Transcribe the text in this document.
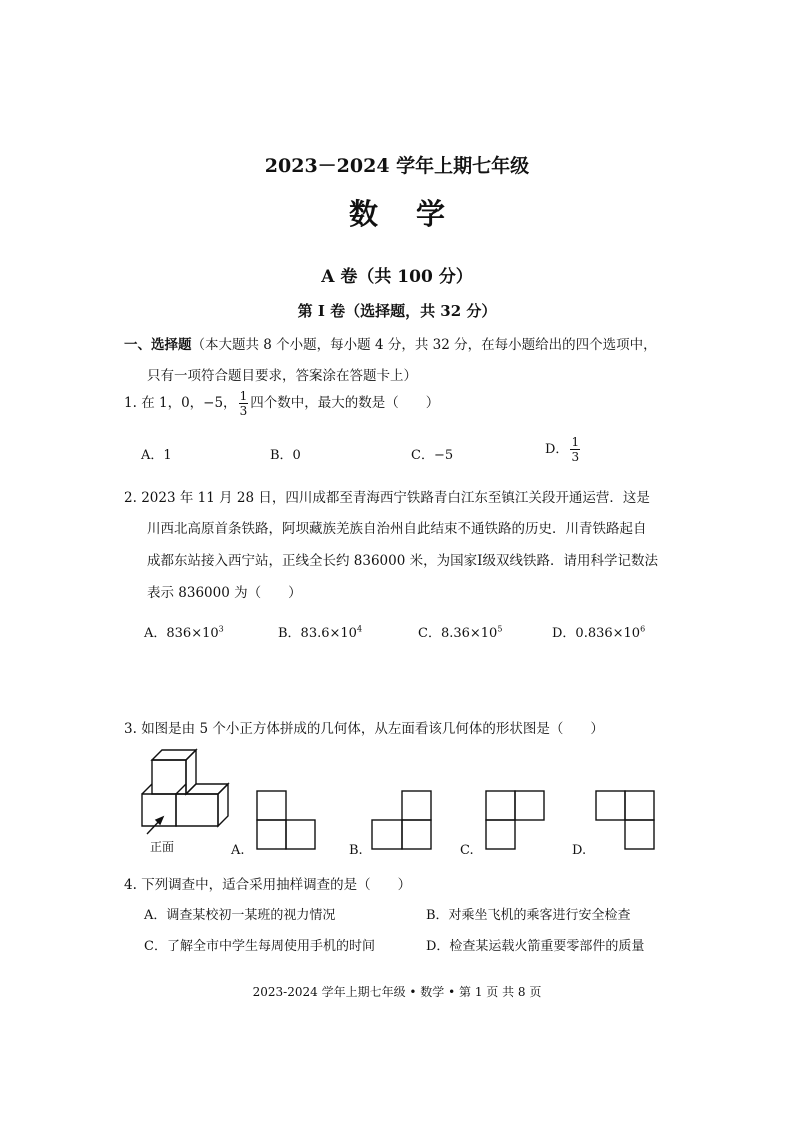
2023－2024 学年上期七年级
数 学
A 卷（共 100 分）
第 I 卷（选择题，共 32 分）
一、选择题（本大题共 8 个小题，每小题 4 分，共 32 分，在每小题给出的四个选项中，
只有一项符合题目要求，答案涂在答题卡上）
1. 在 1，0，−5， $\frac{1}{3}$ 四个数中，最大的数是（　　）
A．1	B．0	C．−5	D． $\frac{1}{3}$
2. 2023 年 11 月 28 日，四川成都至青海西宁铁路青白江东至镇江关段开通运营．这是
川西北高原首条铁路，阿坝藏族羌族自治州自此结束不通铁路的历史．川青铁路起自
成都东站接入西宁站，正线全长约 836000 米，为国家Ⅰ级双线铁路．请用科学记数法
表示 836000 为（　　）
A．$836\times 10^3$	B．$83.6\times 10^4$	C．$8.36\times 10^5$	D．$0.836\times 10^6$
3. 如图是由 5 个小正方体拼成的几何体，从左面看该几何体的形状图是（　　）
正面	A.	B.	C.	D.
4. 下列调查中，适合采用抽样调查的是（　　）
A．调查某校初一某班的视力情况	B．对乘坐飞机的乘客进行安全检查
C．了解全市中学生每周使用手机的时间	D．检查某运载火箭重要零部件的质量
2023-2024 学年上期七年级 • 数学 • 第 1 页 共 8 页
